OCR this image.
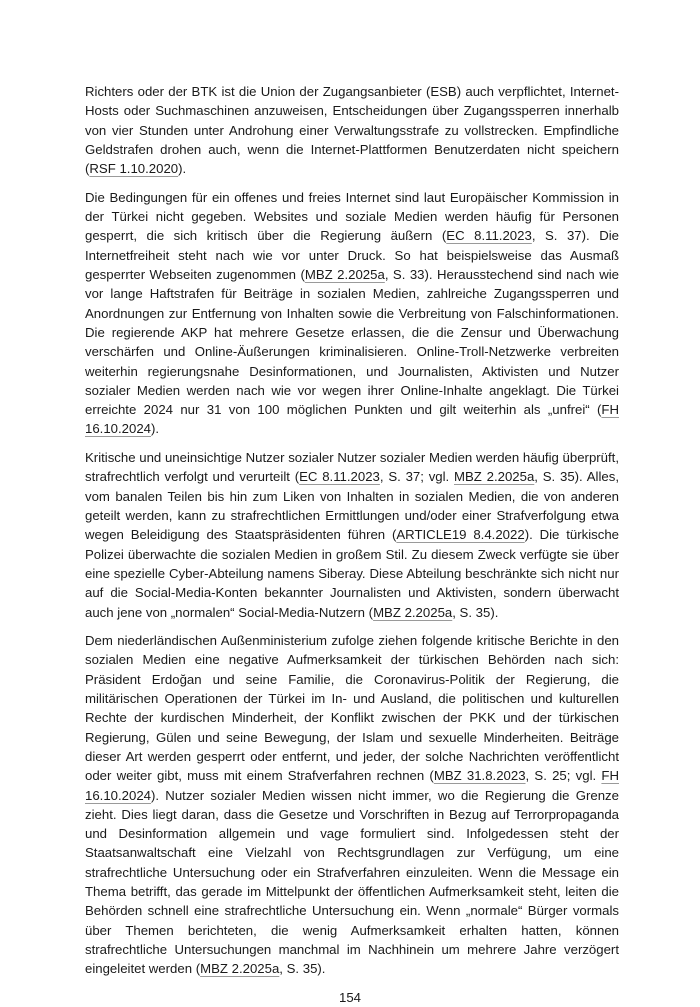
Richters oder der BTK ist die Union der Zugangsanbieter (ESB) auch verpflichtet, Internet-Hosts oder Suchmaschinen anzuweisen, Entscheidungen über Zugangssperren innerhalb von vier Stunden unter Androhung einer Verwaltungsstrafe zu vollstrecken. Empfindliche Geldstrafen drohen auch, wenn die Internet-Plattformen Benutzerdaten nicht speichern (RSF 1.10.2020).

Die Bedingungen für ein offenes und freies Internet sind laut Europäischer Kommission in der Türkei nicht gegeben. Websites und soziale Medien werden häufig für Personen gesperrt, die sich kritisch über die Regierung äußern (EC 8.11.2023, S. 37). Die Internetfreiheit steht nach wie vor unter Druck. So hat beispielsweise das Ausmaß gesperrter Webseiten zugenommen (MBZ 2.2025a, S. 33). Herausstechend sind nach wie vor lange Haftstrafen für Beiträge in sozialen Medien, zahlreiche Zugangssperren und Anordnungen zur Entfernung von Inhalten sowie die Verbreitung von Falschinformationen. Die regierende AKP hat mehrere Gesetze erlassen, die die Zensur und Überwachung verschärfen und Online-Äußerungen kriminalisieren. Online-Troll-Netzwerke verbreiten weiterhin regierungsnahe Desinformationen, und Journalisten, Aktivisten und Nutzer sozialer Medien werden nach wie vor wegen ihrer Online-Inhalte angeklagt. Die Türkei erreichte 2024 nur 31 von 100 möglichen Punkten und gilt weiterhin als „unfrei“ (FH 16.10.2024).

Kritische und uneinsichtige Nutzer sozialer Nutzer sozialer Medien werden häufig überprüft, strafrechtlich verfolgt und verurteilt (EC 8.11.2023, S. 37; vgl. MBZ 2.2025a, S. 35). Alles, vom banalen Teilen bis hin zum Liken von Inhalten in sozialen Medien, die von anderen geteilt werden, kann zu strafrechtlichen Ermittlungen und/oder einer Strafverfolgung etwa wegen Beleidigung des Staatspräsidenten führen (ARTICLE19 8.4.2022). Die türkische Polizei überwachte die sozialen Medien in großem Stil. Zu diesem Zweck verfügte sie über eine spezielle Cyber-Abteilung namens Siberay. Diese Abteilung beschränkte sich nicht nur auf die Social-Media-Konten bekannter Journalisten und Aktivisten, sondern überwacht auch jene von „normalen“ Social-Media-Nutzern (MBZ 2.2025a, S. 35).

Dem niederländischen Außenministerium zufolge ziehen folgende kritische Berichte in den sozialen Medien eine negative Aufmerksamkeit der türkischen Behörden nach sich: Präsident Erdoğan und seine Familie, die Coronavirus-Politik der Regierung, die militärischen Operationen der Türkei im In- und Ausland, die politischen und kulturellen Rechte der kurdischen Minderheit, der Konflikt zwischen der PKK und der türkischen Regierung, Gülen und seine Bewegung, der Islam und sexuelle Minderheiten. Beiträge dieser Art werden gesperrt oder entfernt, und jeder, der solche Nachrichten veröffentlicht oder weiter gibt, muss mit einem Strafverfahren rechnen (MBZ 31.8.2023, S. 25; vgl. FH 16.10.2024). Nutzer sozialer Medien wissen nicht immer, wo die Regierung die Grenze zieht. Dies liegt daran, dass die Gesetze und Vorschriften in Bezug auf Terrorpropaganda und Desinformation allgemein und vage formuliert sind. Infolgedessen steht der Staatsanwaltschaft eine Vielzahl von Rechtsgrundlagen zur Verfügung, um eine strafrechtliche Untersuchung oder ein Strafverfahren einzuleiten. Wenn die Message ein Thema betrifft, das gerade im Mittelpunkt der öffentlichen Aufmerksamkeit steht, leiten die Behörden schnell eine strafrechtliche Untersuchung ein. Wenn „normale“ Bürger vormals über Themen berichteten, die wenig Aufmerksamkeit erhalten hatten, können strafrechtliche Untersuchungen manchmal im Nachhinein um mehrere Jahre verzögert eingeleitet werden (MBZ 2.2025a, S. 35).

154
